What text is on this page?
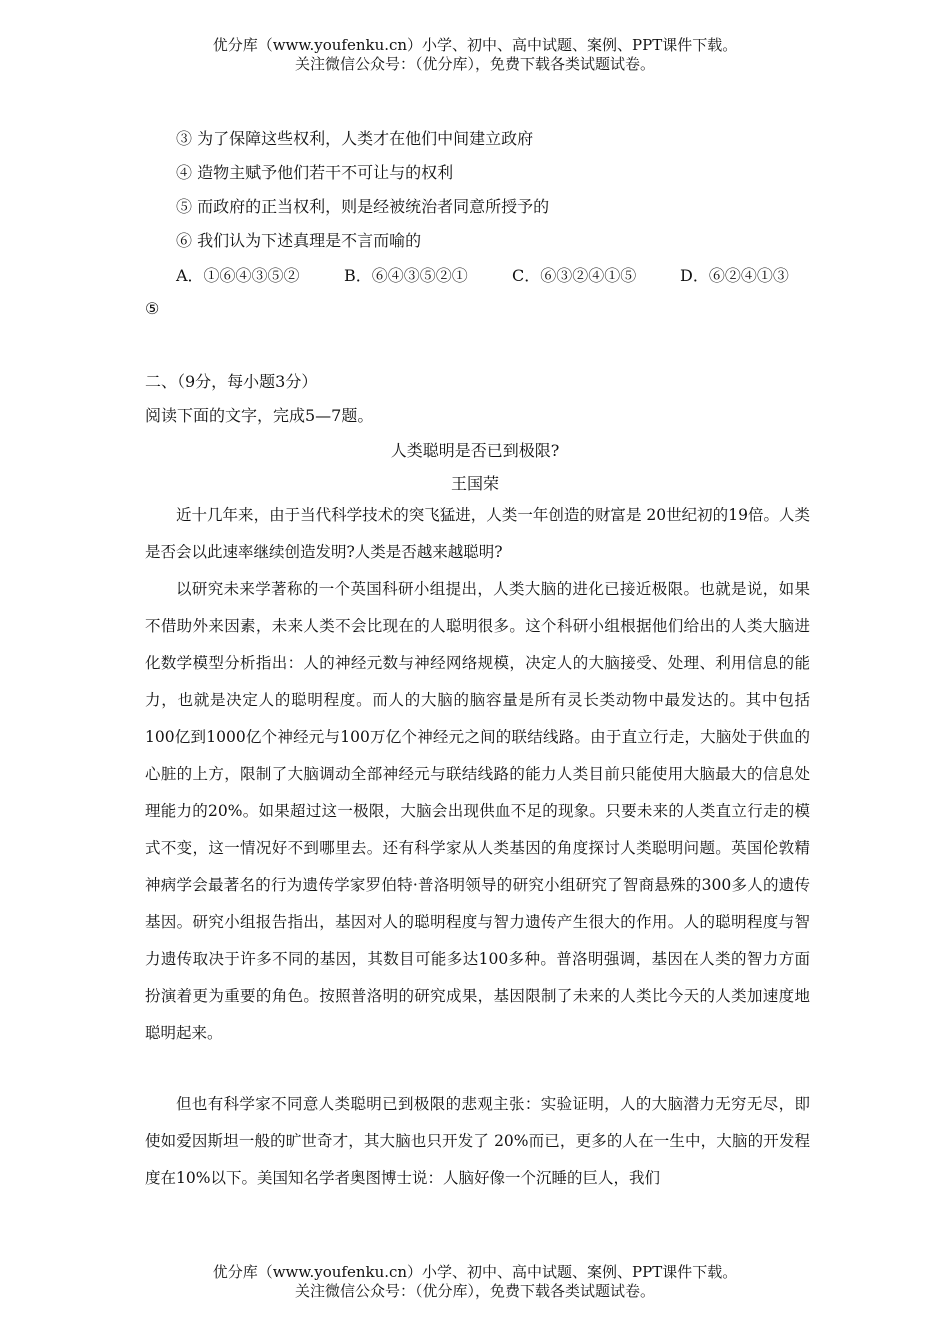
优分库（www.youfenku.cn）小学、初中、高中试题、案例、PPT课件下载。
关注微信公众号：（优分库），免费下载各类试题试卷。
③ 为了保障这些权利，人类才在他们中间建立政府
④ 造物主赋予他们若干不可让与的权利
⑤ 而政府的正当权利，则是经被统治者同意所授予的
⑥ 我们认为下述真理是不言而喻的
A．①⑥④③⑤②	B．⑥④③⑤②①	C．⑥③②④①⑤	D．⑥②④①③
⑤
二、（9分，每小题3分）
阅读下面的文字，完成5—7题。
人类聪明是否已到极限?
王国荣

近十几年来，由于当代科学技术的突飞猛进，人类一年创造的财富是 20世纪初的19倍。人类是否会以此速率继续创造发明?人类是否越来越聪明?

以研究未来学著称的一个英国科研小组提出，人类大脑的进化已接近极限。也就是说，如果不借助外来因素，未来人类不会比现在的人聪明很多。这个科研小组根据他们给出的人类大脑进化数学模型分析指出：人的神经元数与神经网络规模，决定人的大脑接受、处理、利用信息的能力，也就是决定人的聪明程度。而人的大脑的脑容量是所有灵长类动物中最发达的。其中包括100亿到1000亿个神经元与100万亿个神经元之间的联结线路。由于直立行走，大脑处于供血的心脏的上方，限制了大脑调动全部神经元与联结线路的能力人类目前只能使用大脑最大的信息处理能力的20%。如果超过这一极限，大脑会出现供血不足的现象。只要未来的人类直立行走的模式不变，这一情况好不到哪里去。还有科学家从人类基因的角度探讨人类聪明问题。英国伦敦精神病学会最著名的行为遗传学家罗伯特·普洛明领导的研究小组研究了智商悬殊的300多人的遗传基因。研究小组报告指出，基因对人的聪明程度与智力遗传产生很大的作用。人的聪明程度与智力遗传取决于许多不同的基因，其数目可能多达100多种。普洛明强调，基因在人类的智力方面扮演着更为重要的角色。按照普洛明的研究成果，基因限制了未来的人类比今天的人类加速度地聪明起来。

但也有科学家不同意人类聪明已到极限的悲观主张：实验证明，人的大脑潜力无穷无尽，即使如爱因斯坦一般的旷世奇才，其大脑也只开发了 20%而已，更多的人在一生中，大脑的开发程度在10%以下。美国知名学者奥图博士说：人脑好像一个沉睡的巨人，我们

优分库（www.youfenku.cn）小学、初中、高中试题、案例、PPT课件下载。
关注微信公众号：（优分库），免费下载各类试题试卷。
